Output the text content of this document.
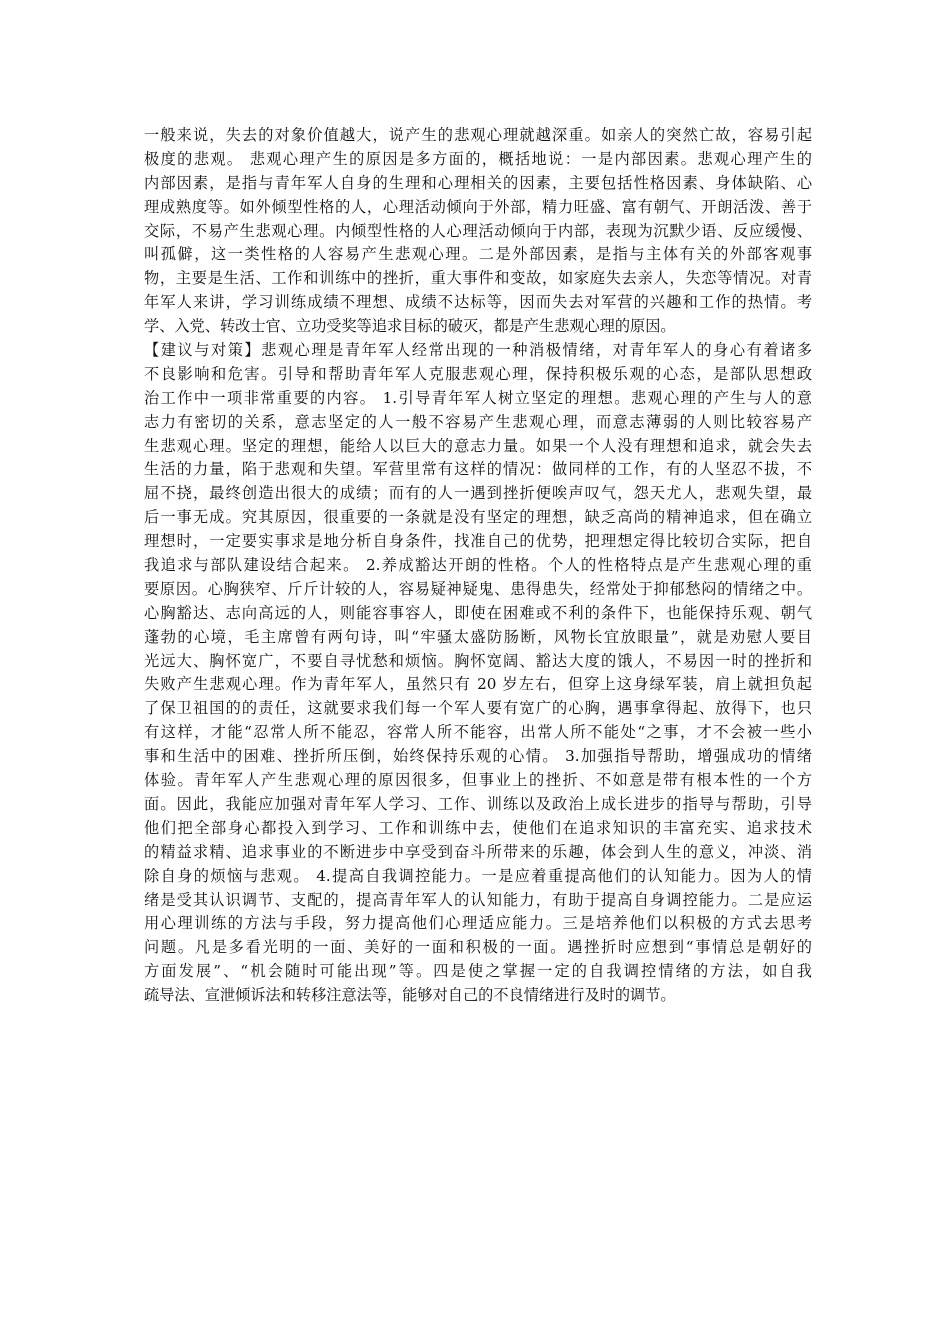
一般来说，失去的对象价值越大，说产生的悲观心理就越深重。如亲人的突然亡故，容易引起
极度的悲观。 悲观心理产生的原因是多方面的，概括地说：一是内部因素。悲观心理产生的
内部因素，是指与青年军人自身的生理和心理相关的因素，主要包括性格因素、身体缺陷、心
理成熟度等。如外倾型性格的人，心理活动倾向于外部，精力旺盛、富有朝气、开朗活泼、善于
交际，不易产生悲观心理。内倾型性格的人心理活动倾向于内部，表现为沉默少语、反应缓慢、
叫孤僻，这一类性格的人容易产生悲观心理。二是外部因素，是指与主体有关的外部客观事
物，主要是生活、工作和训练中的挫折，重大事件和变故，如家庭失去亲人，失恋等情况。对青
年军人来讲，学习训练成绩不理想、成绩不达标等，因而失去对军营的兴趣和工作的热情。考
学、入党、转改士官、立功受奖等追求目标的破灭，都是产生悲观心理的原因。
【建议与对策】悲观心理是青年军人经常出现的一种消极情绪，对青年军人的身心有着诸多
不良影响和危害。引导和帮助青年军人克服悲观心理，保持积极乐观的心态，是部队思想政
治工作中一项非常重要的内容。 1.引导青年军人树立坚定的理想。悲观心理的产生与人的意
志力有密切的关系，意志坚定的人一般不容易产生悲观心理，而意志薄弱的人则比较容易产
生悲观心理。坚定的理想，能给人以巨大的意志力量。如果一个人没有理想和追求，就会失去
生活的力量，陷于悲观和失望。军营里常有这样的情况：做同样的工作，有的人坚忍不拔，不
屈不挠，最终创造出很大的成绩；而有的人一遇到挫折便唉声叹气，怨天尤人，悲观失望，最
后一事无成。究其原因，很重要的一条就是没有坚定的理想，缺乏高尚的精神追求，但在确立
理想时，一定要实事求是地分析自身条件，找准自己的优势，把理想定得比较切合实际，把自
我追求与部队建设结合起来。 2.养成豁达开朗的性格。个人的性格特点是产生悲观心理的重
要原因。心胸狭窄、斤斤计较的人，容易疑神疑鬼、患得患失，经常处于抑郁愁闷的情绪之中。
心胸豁达、志向高远的人，则能容事容人，即使在困难或不利的条件下，也能保持乐观、朝气
蓬勃的心境，毛主席曾有两句诗，叫“牢骚太盛防肠断，风物长宜放眼量”，就是劝慰人要目
光远大、胸怀宽广，不要自寻忧愁和烦恼。胸怀宽阔、豁达大度的饿人，不易因一时的挫折和
失败产生悲观心理。作为青年军人，虽然只有 20 岁左右，但穿上这身绿军装，肩上就担负起
了保卫祖国的的责任，这就要求我们每一个军人要有宽广的心胸，遇事拿得起、放得下，也只
有这样，才能“忍常人所不能忍，容常人所不能容，出常人所不能处“之事，才不会被一些小
事和生活中的困难、挫折所压倒，始终保持乐观的心情。 3.加强指导帮助，增强成功的情绪
体验。青年军人产生悲观心理的原因很多，但事业上的挫折、不如意是带有根本性的一个方
面。因此，我能应加强对青年军人学习、工作、训练以及政治上成长进步的指导与帮助，引导
他们把全部身心都投入到学习、工作和训练中去，使他们在追求知识的丰富充实、追求技术
的精益求精、追求事业的不断进步中享受到奋斗所带来的乐趣，体会到人生的意义，冲淡、消
除自身的烦恼与悲观。 4.提高自我调控能力。一是应着重提高他们的认知能力。因为人的情
绪是受其认识调节、支配的，提高青年军人的认知能力，有助于提高自身调控能力。二是应运
用心理训练的方法与手段，努力提高他们心理适应能力。三是培养他们以积极的方式去思考
问题。凡是多看光明的一面、美好的一面和积极的一面。遇挫折时应想到“事情总是朝好的
方面发展”、“机会随时可能出现”等。四是使之掌握一定的自我调控情绪的方法，如自我
疏导法、宣泄倾诉法和转移注意法等，能够对自己的不良情绪进行及时的调节。
